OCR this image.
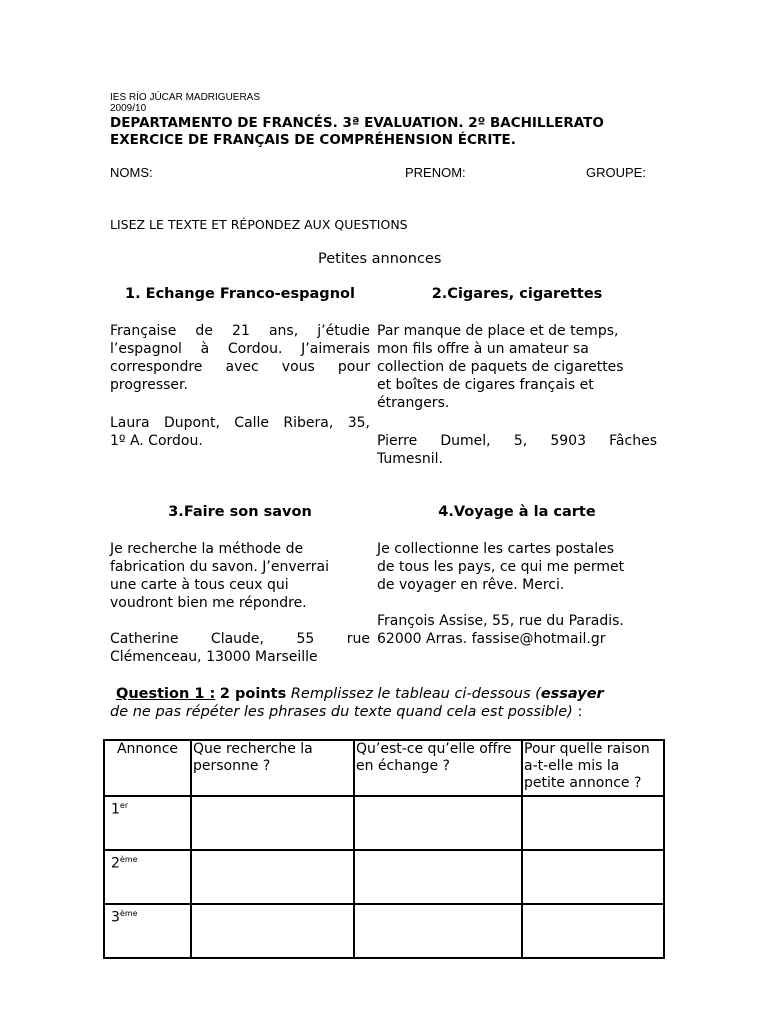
IES RÍO JÚCAR MADRIGUERAS
2009/10
DEPARTAMENTO DE FRANCÉS. 3ª EVALUATION. 2º BACHILLERATO
EXERCICE DE FRANÇAIS DE COMPRÉHENSION ÉCRITE.
NOMS:	PRENOM:	GROUPE:
LISEZ LE TEXTE ET RÉPONDEZ AUX QUESTIONS
Petites annonces
1. Echange Franco-espagnol
Française de 21 ans, j’étudie
l’espagnol à Cordou. J’aimerais
correspondre avec vous pour
progresser.
Laura Dupont, Calle Ribera, 35,
1º A. Cordou.
2.Cigares, cigarettes
Par manque de place et de temps,
mon fils offre à un amateur sa
collection de paquets de cigarettes
et boîtes de cigares français et
étrangers.
Pierre Dumel, 5, 5903 Fâches
Tumesnil.
3.Faire son savon
Je recherche la méthode de
fabrication du savon. J’enverrai
une carte à tous ceux qui
voudront bien me répondre.
Catherine Claude, 55 rue
Clémenceau, 13000 Marseille
4.Voyage à la carte
Je collectionne les cartes postales
de tous les pays, ce qui me permet
de voyager en rêve. Merci.
François Assise, 55, rue du Paradis.
62000 Arras. fassise@hotmail.gr
Question 1 : 2 points Remplissez le tableau ci-dessous (essayer
de ne pas répéter les phrases du texte quand cela est possible) :
Annonce	Que recherche la personne ?	Qu’est-ce qu’elle offre en échange ?	Pour quelle raison a-t-elle mis la petite annonce ?
1er			
2ème			
3ème			
